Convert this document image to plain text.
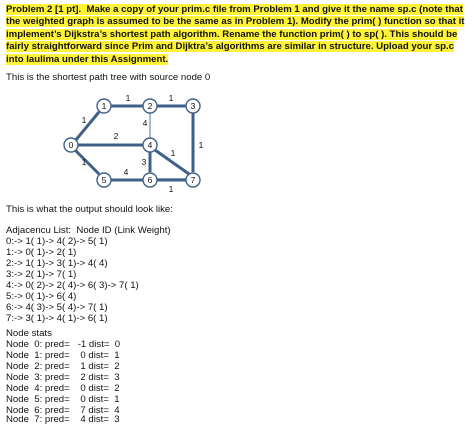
Problem 2 [1 pt]. Make a copy of your prim.c file from Problem 1 and give it the name sp.c (note that the weighted graph is assumed to be the same as in Problem 1). Modify the prim( ) function so that it implement’s Dijkstra’s shortest path algorithm. Rename the function prim( ) to sp( ). This should be fairly straightforward since Prim and Dijktra’s algorithms are similar in structure. Upload your sp.c into laulima under this Assignment.
This is the shortest path tree with source node 0
0
1	2	3
4
5	6	7
1
1	1
2
4
1
1	3
4
1
1
This is what the output should look like:
Adjacencu List:  Node ID (Link Weight)
0:-> 1( 1)-> 4( 2)-> 5( 1)
1:-> 0( 1)-> 2( 1)
2:-> 1( 1)-> 3( 1)-> 4( 4)
3:-> 2( 1)-> 7( 1)
4:-> 0( 2)-> 2( 4)-> 6( 3)-> 7( 1)
5:-> 0( 1)-> 6( 4)
6:-> 4( 3)-> 5( 4)-> 7( 1)
7:-> 3( 1)-> 4( 1)-> 6( 1)
Node stats
Node  0: pred=   -1 dist=  0
Node  1: pred=    0 dist=  1
Node  2: pred=    1 dist=  2
Node  3: pred=    2 dist=  3
Node  4: pred=    0 dist=  2
Node  5: pred=    0 dist=  1
Node  6: pred=    7 dist=  4
Node  7: pred=    4 dist=  3
